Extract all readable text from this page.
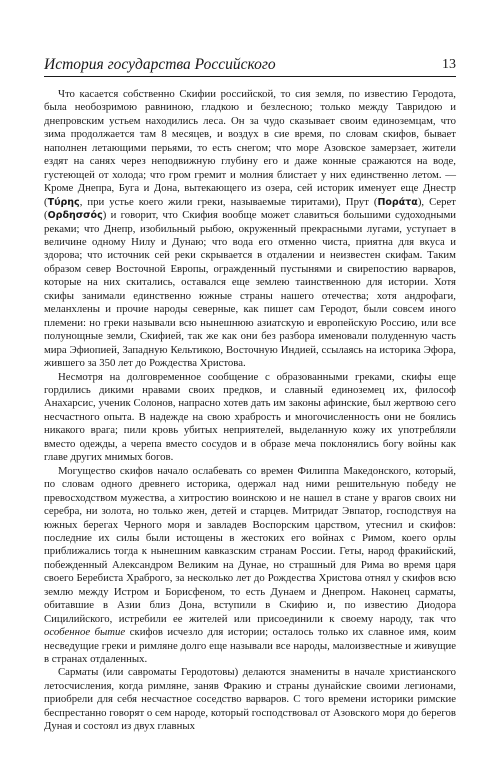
История государства Российского	13

Что касается собственно Скифии российской, то сия земля, по известию Геродота, была необозримою равниною, гладкою и безлесною; только между Тавридою и днепровским устьем находились леса. Он за чудо сказывает своим единоземцам, что зима продолжается там 8 месяцев, и воздух в сие время, по словам скифов, бывает наполнен летающими перьями, то есть снегом; что море Азовское замерзает, жители ездят на санях через неподвижную глубину его и даже конные сражаются на воде, густеющей от холода; что гром гремит и молния блистает у них единственно летом. — Кроме Днепра, Буга и Дона, вытекающего из озера, сей историк именует еще Днестр (Τύρης, при устье коего жили греки, называемые тиритами), Прут (Ποράτα), Серет (Ορδησσός) и говорит, что Скифия вообще может славиться большими судоходными реками; что Днепр, изобильный рыбою, окруженный прекрасными лугами, уступает в величине одному Нилу и Дунаю; что вода его отменно чиста, приятна для вкуса и здорова; что источник сей реки скрывается в отдалении и неизвестен скифам. Таким образом север Восточной Европы, огражденный пустынями и свирепостию варваров, которые на них скитались, оставался еще землею таинственною для истории. Хотя скифы занимали единственно южные страны нашего отечества; хотя андрофаги, меланхлены и прочие народы северные, как пишет сам Геродот, были совсем иного племени: но греки называли всю нынешнюю азиатскую и европейскую Россию, или все полунощные земли, Скифией, так же как они без разбора именовали полуденную часть мира Эфиопией, Западную Кельтикою, Восточную Индией, ссылаясь на историка Эфора, жившего за 350 лет до Рождества Христова.

Несмотря на долговременное сообщение с образованными греками, скифы еще гордились дикими нравами своих предков, и славный единоземец их, философ Анахарсис, ученик Солонов, напрасно хотев дать им законы афинские, был жертвою сего несчастного опыта. В надежде на свою храбрость и многочисленность они не боялись никакого врага; пили кровь убитых неприятелей, выделанную кожу их употребляли вместо одежды, а черепа вместо сосудов и в образе меча поклонялись богу войны как главе других мнимых богов.

Могущество скифов начало ослабевать со времен Филиппа Македонского, который, по словам одного древнего историка, одержал над ними решительную победу не превосходством мужества, а хитростию воинскою и не нашел в стане у врагов своих ни серебра, ни золота, но только жен, детей и старцев. Митридат Эвпатор, господствуя на южных берегах Черного моря и завладев Воспорским царством, утеснил и скифов: последние их силы были истощены в жестоких его войнах с Римом, коего орлы приближались тогда к нынешним кавказским странам России. Геты, народ фракийский, побежденный Александром Великим на Дунае, но страшный для Рима во время царя своего Беребиста Храброго, за несколько лет до Рождества Христова отнял у скифов всю землю между Истром и Борисфеном, то есть Дунаем и Днепром. Наконец сарматы, обитавшие в Азии близ Дона, вступили в Скифию и, по известию Диодора Сицилийского, истребили ее жителей или присоединили к своему народу, так что особенное бытие скифов исчезло для истории; осталось только их славное имя, коим несведущие греки и римляне долго еще называли все народы, малоизвестные и живущие в странах отдаленных.

Сарматы (или савроматы Геродотовы) делаются знамениты в начале христианского летосчисления, когда римляне, заняв Фракию и страны дунайские своими легионами, приобрели для себя несчастное соседство варваров. С того времени историки римские беспрестанно говорят о сем народе, который господствовал от Азовского моря до берегов Дуная и состоял из двух главных
